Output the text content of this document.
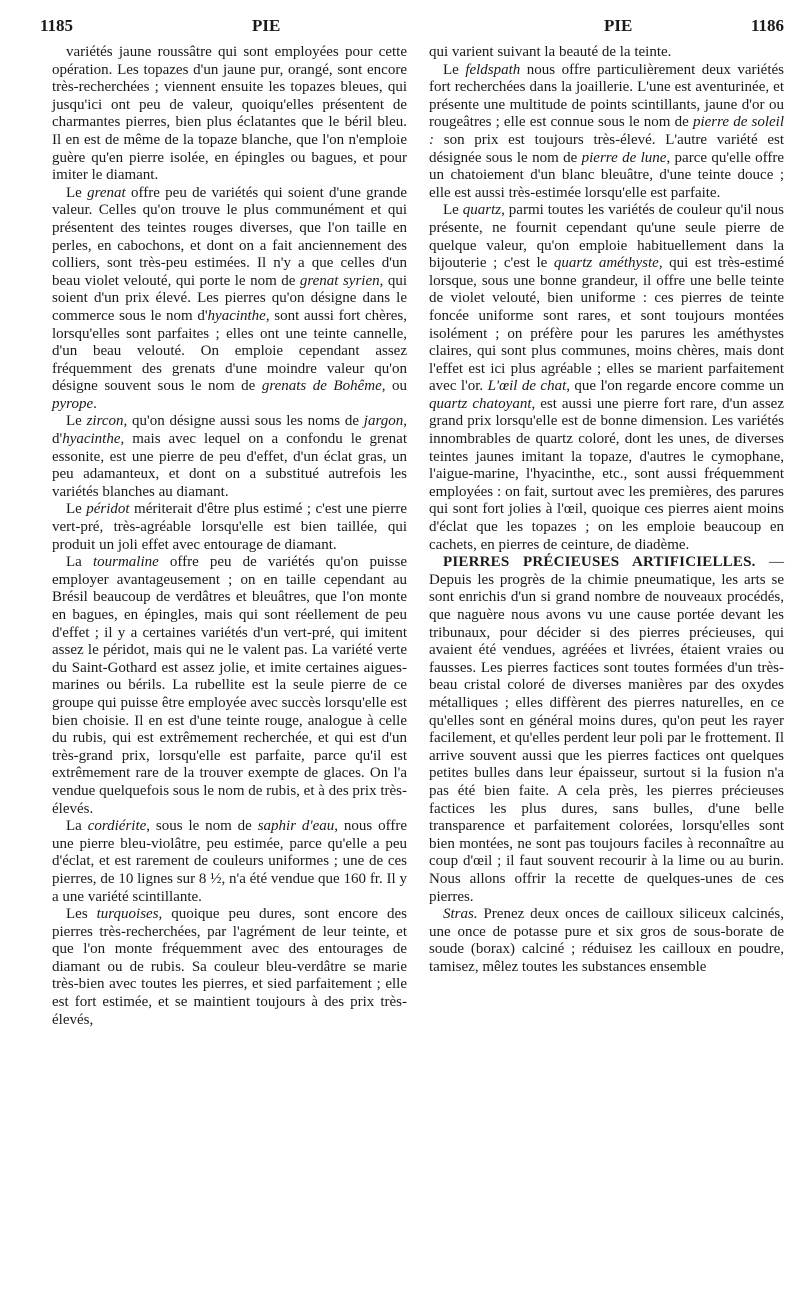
1185	PIE	PIE	1186

variétés jaune roussâtre qui sont employées pour cette opération. Les topazes d'un jaune pur, orangé, sont encore très-recherchées ; viennent ensuite les topazes bleues, qui jusqu'ici ont peu de valeur, quoiqu'elles présentent de charmantes pierres, bien plus éclatantes que le béril bleu. Il en est de même de la topaze blanche, que l'on n'emploie guère qu'en pierre isolée, en épingles ou bagues, et pour imiter le diamant.

Le grenat offre peu de variétés qui soient d'une grande valeur. Celles qu'on trouve le plus communément et qui présentent des teintes rouges diverses, que l'on taille en perles, en cabochons, et dont on a fait anciennement des colliers, sont très-peu estimées. Il n'y a que celles d'un beau violet velouté, qui porte le nom de grenat syrien, qui soient d'un prix élevé. Les pierres qu'on désigne dans le commerce sous le nom d'hyacinthe, sont aussi fort chères, lorsqu'elles sont parfaites ; elles ont une teinte cannelle, d'un beau velouté. On emploie cependant assez fréquemment des grenats d'une moindre valeur qu'on désigne souvent sous le nom de grenats de Bohême, ou pyrope.

Le zircon, qu'on désigne aussi sous les noms de jargon, d'hyacinthe, mais avec lequel on a confondu le grenat essonite, est une pierre de peu d'effet, d'un éclat gras, un peu adamanteux, et dont on a substitué autrefois les variétés blanches au diamant.

Le péridot mériterait d'être plus estimé ; c'est une pierre vert-pré, très-agréable lorsqu'elle est bien taillée, qui produit un joli effet avec entourage de diamant.

La tourmaline offre peu de variétés qu'on puisse employer avantageusement ; on en taille cependant au Brésil beaucoup de verdâtres et bleuâtres, que l'on monte en bagues, en épingles, mais qui sont réellement de peu d'effet ; il y a certaines variétés d'un vert-pré, qui imitent assez le péridot, mais qui ne le valent pas. La variété verte du Saint-Gothard est assez jolie, et imite certaines aigues-marines ou bérils. La rubellite est la seule pierre de ce groupe qui puisse être employée avec succès lorsqu'elle est bien choisie. Il en est d'une teinte rouge, analogue à celle du rubis, qui est extrêmement recherchée, et qui est d'un très-grand prix, lorsqu'elle est parfaite, parce qu'il est extrêmement rare de la trouver exempte de glaces. On l'a vendue quelquefois sous le nom de rubis, et à des prix très-élevés.

La cordiérite, sous le nom de saphir d'eau, nous offre une pierre bleu-violâtre, peu estimée, parce qu'elle a peu d'éclat, et est rarement de couleurs uniformes ; une de ces pierres, de 10 lignes sur 8 ½, n'a été vendue que 160 fr. Il y a une variété scintillante.

Les turquoises, quoique peu dures, sont encore des pierres très-recherchées, par l'agrément de leur teinte, et que l'on monte fréquemment avec des entourages de diamant ou de rubis. Sa couleur bleu-verdâtre se marie très-bien avec toutes les pierres, et sied parfaitement ; elle est fort estimée, et se maintient toujours à des prix très-élevés,

qui varient suivant la beauté de la teinte.

Le feldspath nous offre particulièrement deux variétés fort recherchées dans la joaillerie. L'une est aventurinée, et présente une multitude de points scintillants, jaune d'or ou rougeâtres ; elle est connue sous le nom de pierre de soleil : son prix est toujours très-élevé. L'autre variété est désignée sous le nom de pierre de lune, parce qu'elle offre un chatoiement d'un blanc bleuâtre, d'une teinte douce ; elle est aussi très-estimée lorsqu'elle est parfaite.

Le quartz, parmi toutes les variétés de couleur qu'il nous présente, ne fournit cependant qu'une seule pierre de quelque valeur, qu'on emploie habituellement dans la bijouterie ; c'est le quartz améthyste, qui est très-estimé lorsque, sous une bonne grandeur, il offre une belle teinte de violet velouté, bien uniforme : ces pierres de teinte foncée uniforme sont rares, et sont toujours montées isolément ; on préfère pour les parures les améthystes claires, qui sont plus communes, moins chères, mais dont l'effet est ici plus agréable ; elles se marient parfaitement avec l'or. L'œil de chat, que l'on regarde encore comme un quartz chatoyant, est aussi une pierre fort rare, d'un assez grand prix lorsqu'elle est de bonne dimension. Les variétés innombrables de quartz coloré, dont les unes, de diverses teintes jaunes imitant la topaze, d'autres le cymophane, l'aigue-marine, l'hyacinthe, etc., sont aussi fréquemment employées : on fait, surtout avec les premières, des parures qui sont fort jolies à l'œil, quoique ces pierres aient moins d'éclat que les topazes ; on les emploie beaucoup en cachets, en pierres de ceinture, de diadème.

PIERRES PRÉCIEUSES ARTIFICIELLES. — Depuis les progrès de la chimie pneumatique, les arts se sont enrichis d'un si grand nombre de nouveaux procédés, que naguère nous avons vu une cause portée devant les tribunaux, pour décider si des pierres précieuses, qui avaient été vendues, agréées et livrées, étaient vraies ou fausses. Les pierres factices sont toutes formées d'un très-beau cristal coloré de diverses manières par des oxydes métalliques ; elles diffèrent des pierres naturelles, en ce qu'elles sont en général moins dures, qu'on peut les rayer facilement, et qu'elles perdent leur poli par le frottement. Il arrive souvent aussi que les pierres factices ont quelques petites bulles dans leur épaisseur, surtout si la fusion n'a pas été bien faite. A cela près, les pierres précieuses factices les plus dures, sans bulles, d'une belle transparence et parfaitement colorées, lorsqu'elles sont bien montées, ne sont pas toujours faciles à reconnaître au coup d'œil ; il faut souvent recourir à la lime ou au burin. Nous allons offrir la recette de quelques-unes de ces pierres.

Stras. Prenez deux onces de cailloux siliceux calcinés, une once de potasse pure et six gros de sous-borate de soude (borax) calciné ; réduisez les cailloux en poudre, tamisez, mêlez toutes les substances ensemble
